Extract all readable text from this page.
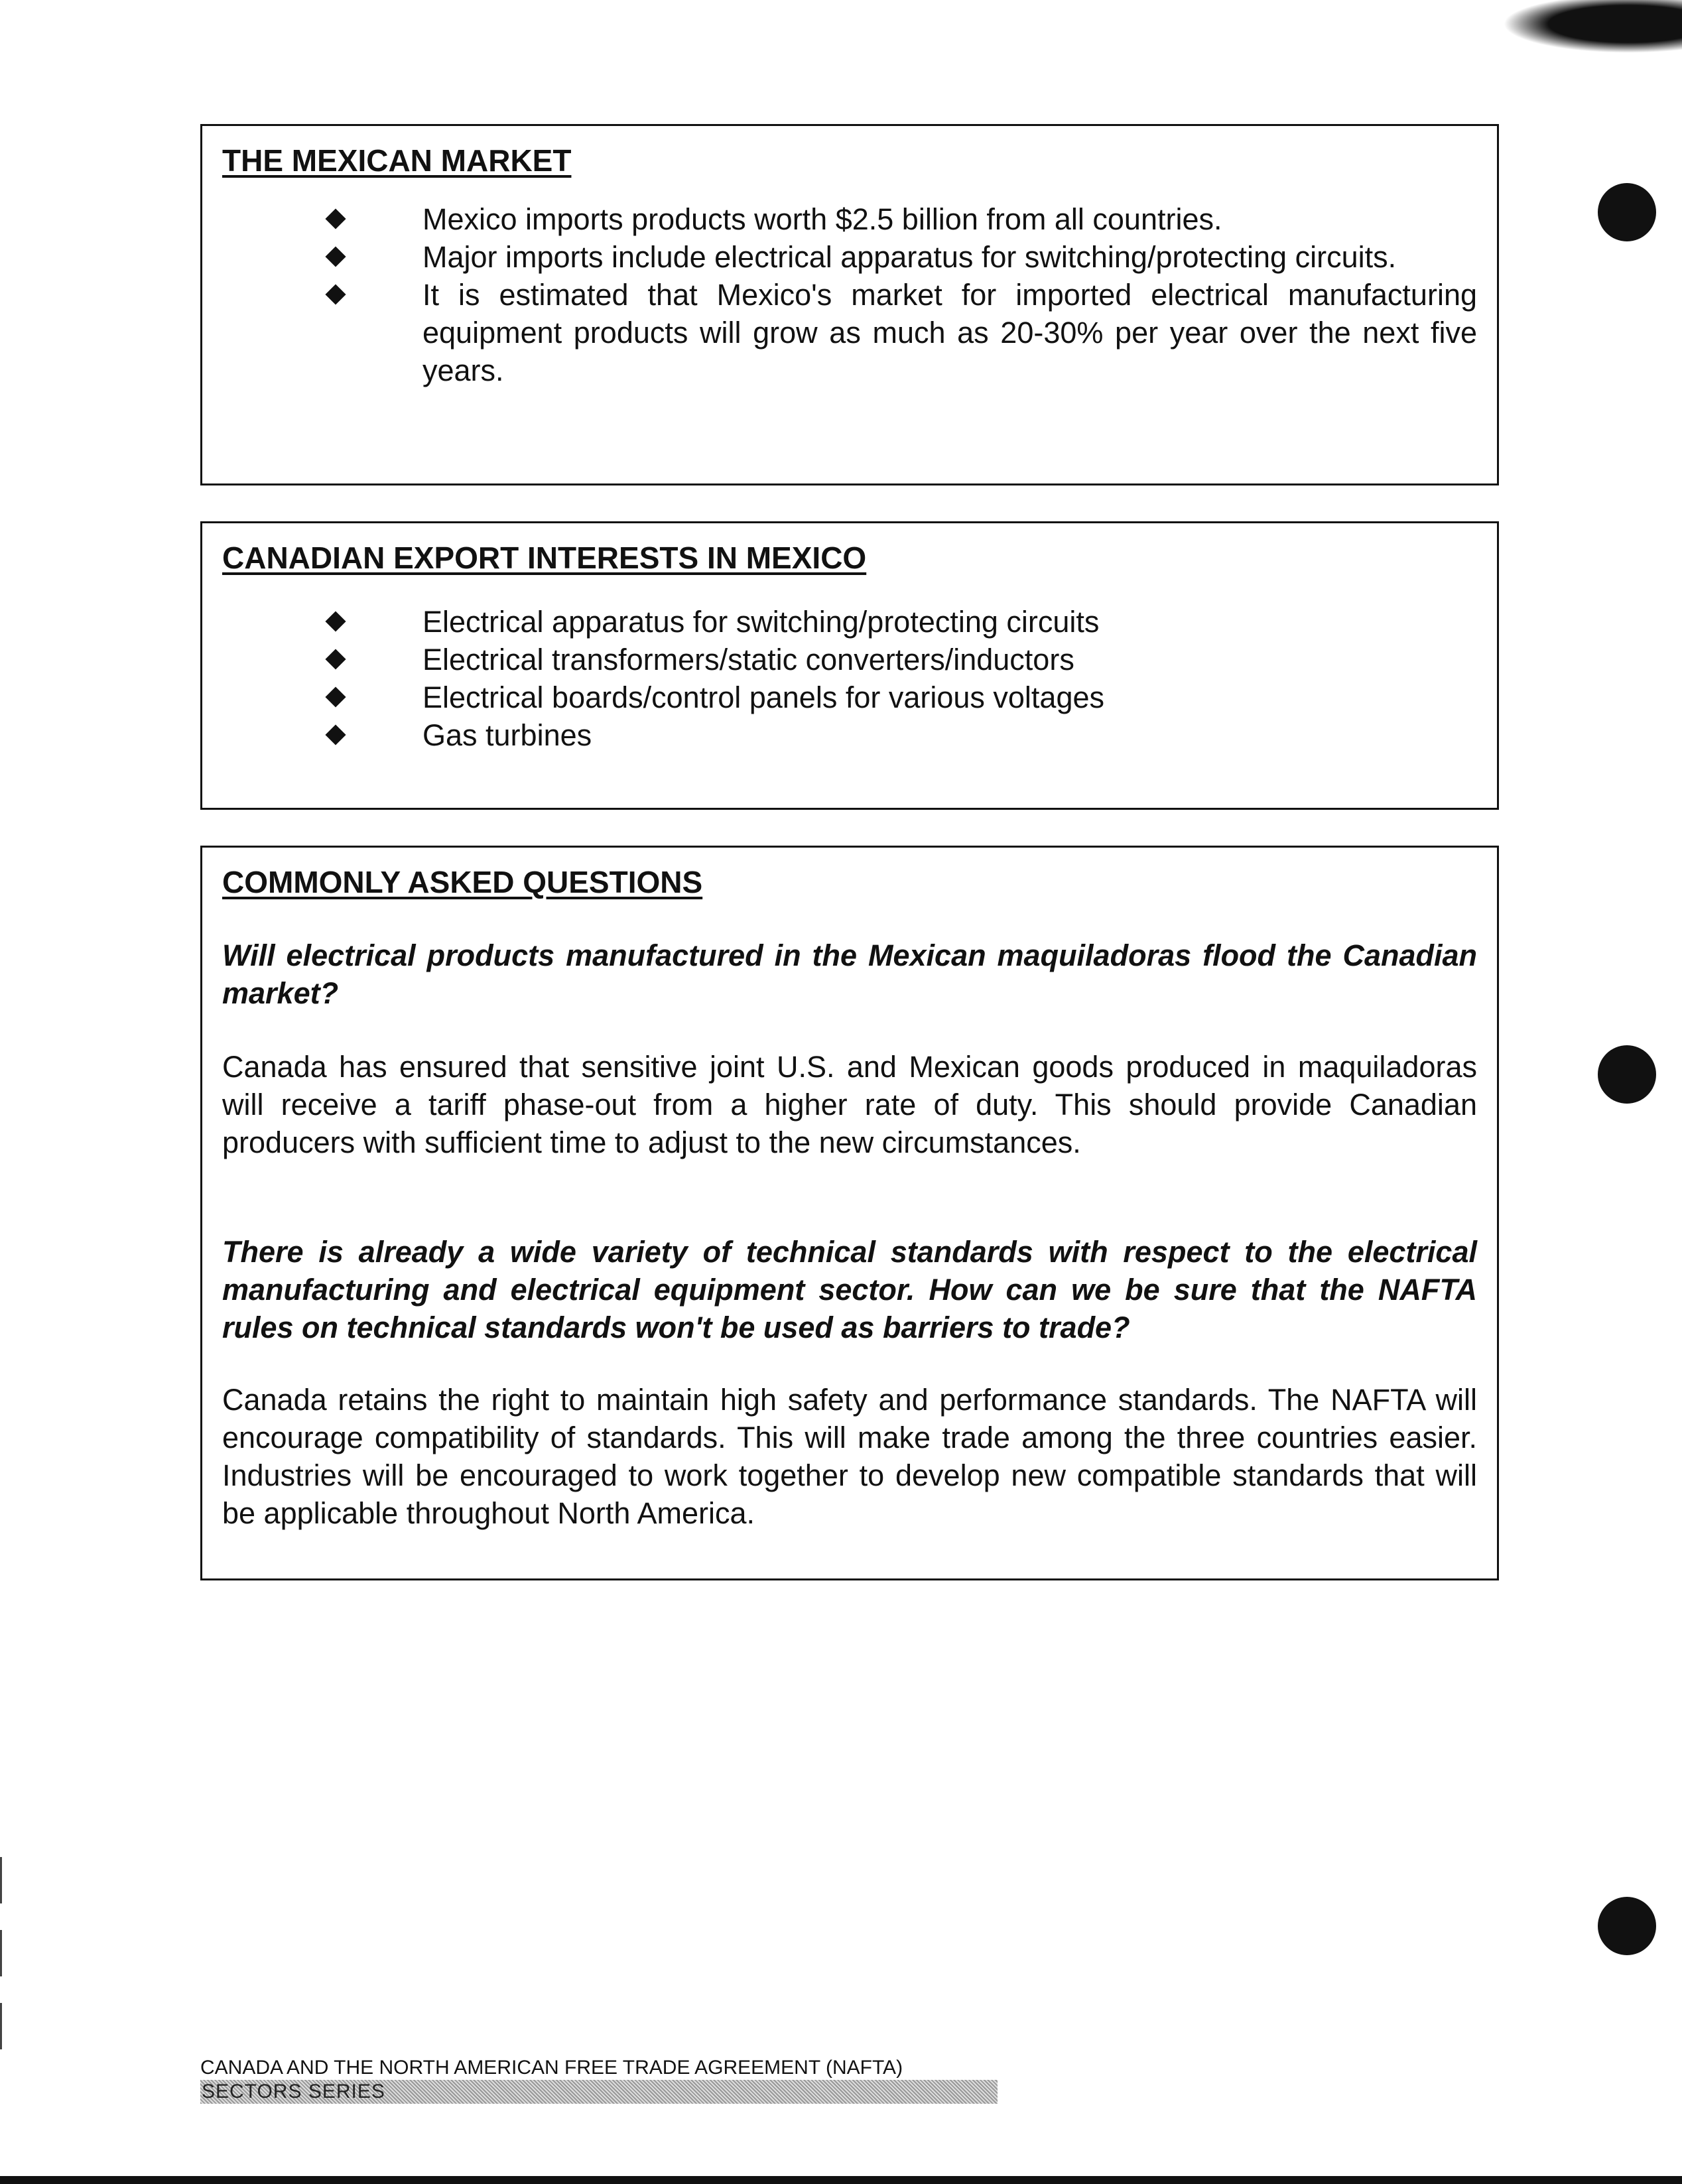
THE MEXICAN MARKET
Mexico imports products worth $2.5 billion from all countries.
Major imports include electrical apparatus for switching/protecting circuits.
It is estimated that Mexico's market for imported electrical manufacturing equipment products will grow as much as 20-30% per year over the next five years.
CANADIAN EXPORT INTERESTS IN MEXICO
Electrical apparatus for switching/protecting circuits
Electrical transformers/static converters/inductors
Electrical boards/control panels for various voltages
Gas turbines
COMMONLY ASKED QUESTIONS

Will electrical products manufactured in the Mexican maquiladoras flood the Canadian market?

Canada has ensured that sensitive joint U.S. and Mexican goods produced in maquiladoras will receive a tariff phase-out from a higher rate of duty. This should provide Canadian producers with sufficient time to adjust to the new circumstances.

There is already a wide variety of technical standards with respect to the electrical manufacturing and electrical equipment sector. How can we be sure that the NAFTA rules on technical standards won't be used as barriers to trade?

Canada retains the right to maintain high safety and performance standards. The NAFTA will encourage compatibility of standards. This will make trade among the three countries easier. Industries will be encouraged to work together to develop new compatible standards that will be applicable throughout North America.

CANADA AND THE NORTH AMERICAN FREE TRADE AGREEMENT (NAFTA)
SECTORS SERIES
